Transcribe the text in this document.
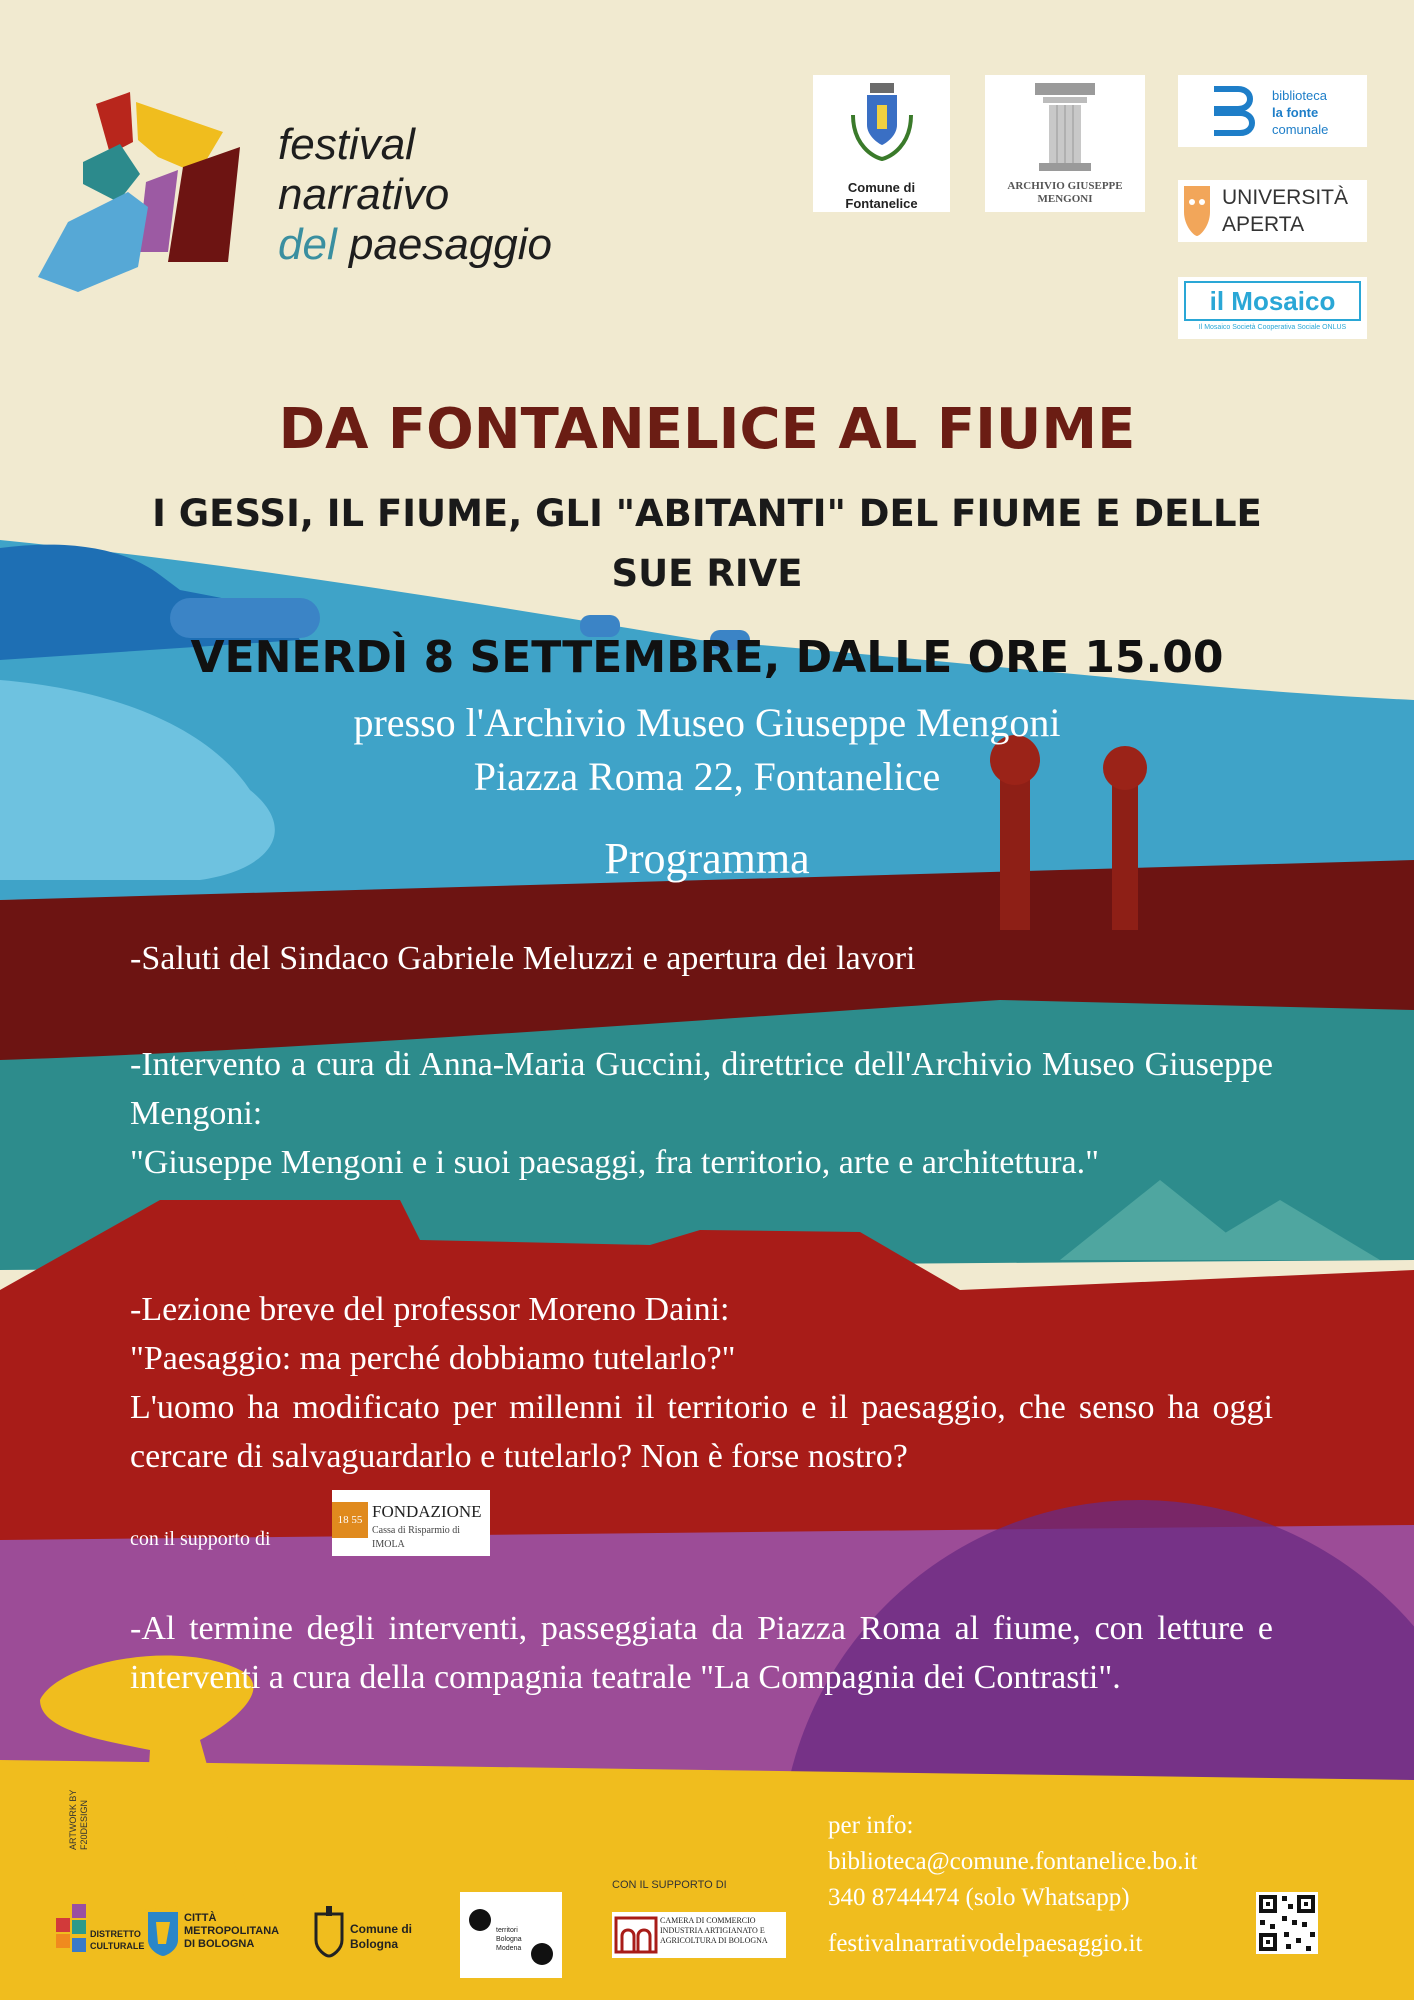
festival
narrativo
del paesaggio
Comune di Fontanelice
ARCHIVIO GIUSEPPE MENGONI
biblioteca
la fonte
comunale
UNIVERSITÀ
APERTA
il Mosaico
Il Mosaico Società Cooperativa Sociale ONLUS
DA FONTANELICE AL FIUME
I GESSI, IL FIUME, GLI "ABITANTI" DEL FIUME E DELLE
SUE RIVE
VENERDÌ 8 SETTEMBRE, DALLE ORE 15.00
presso l'Archivio Museo Giuseppe Mengoni
Piazza Roma 22, Fontanelice
Programma
-Saluti del Sindaco Gabriele Meluzzi e apertura dei lavori
-Intervento a cura di Anna-Maria Guccini, direttrice dell'Archivio Museo Giuseppe Mengoni:
"Giuseppe Mengoni e i suoi paesaggi, fra territorio, arte e architettura."
-Lezione breve del professor Moreno Daini:
"Paesaggio: ma perché dobbiamo tutelarlo?"
L'uomo ha modificato per millenni il territorio e il paesaggio, che senso ha oggi cercare di salvaguardarlo e tutelarlo? Non è forse nostro?
con il supporto di
18 55 FONDAZIONE
Cassa di Risparmio di IMOLA
-Al termine degli interventi, passeggiata da Piazza Roma al fiume, con letture e interventi a cura della compagnia teatrale "La Compagnia dei Contrasti".
ARTWORK BY F20DESIGN
DISTRETTO CULTURALE
CITTÀ METROPOLITANA DI BOLOGNA
Comune di Bologna
territori Bologna Modena
CON IL SUPPORTO DI
CAMERA DI COMMERCIO INDUSTRIA ARTIGIANATO E AGRICOLTURA DI BOLOGNA
per info:
biblioteca@comune.fontanelice.bo.it
340 8744474 (solo Whatsapp)
festivalnarrativodelpaesaggio.it
